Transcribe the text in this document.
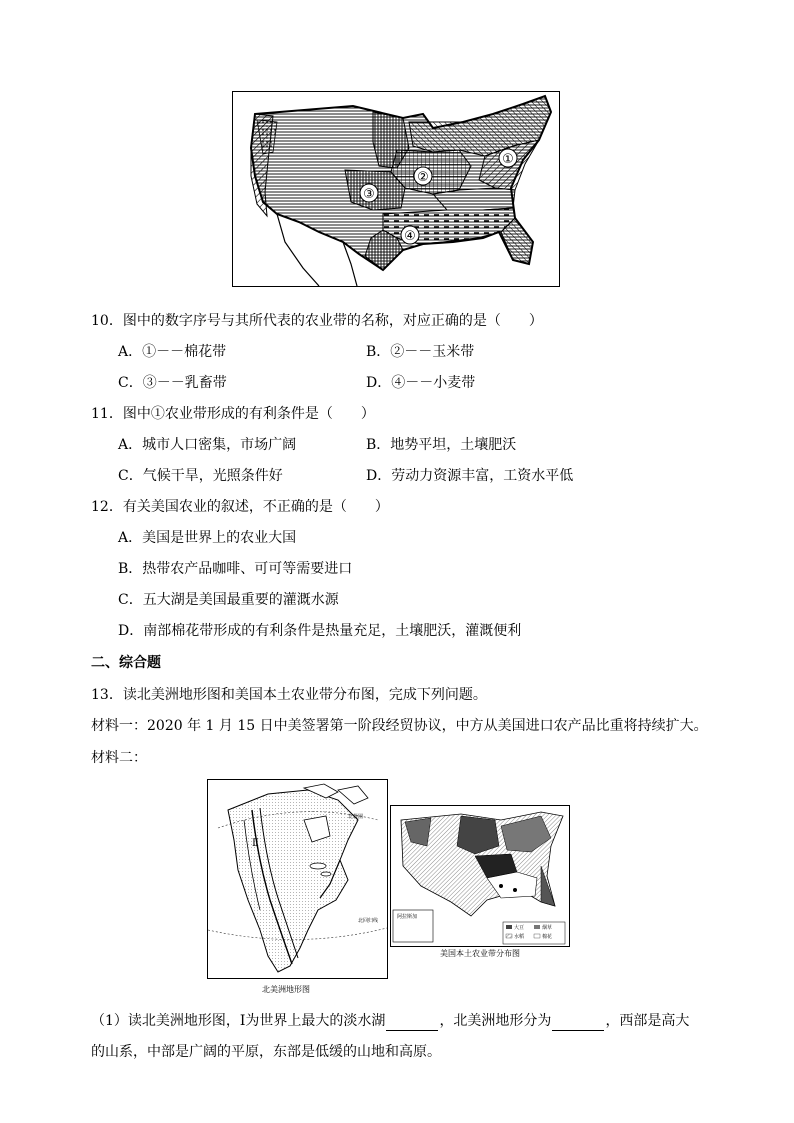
①
②
③
④
10．图中的数字序号与其所代表的农业带的名称，对应正确的是（　　）
A．①－－棉花带	B．②－－玉米带
C．③－－乳畜带	D．④－－小麦带
11．图中①农业带形成的有利条件是（　　）
A．城市人口密集，市场广阔	B．地势平坦，土壤肥沃
C．气候干旱，光照条件好	D．劳动力资源丰富，工资水平低
12．有关美国农业的叙述，不正确的是（　　）
A．美国是世界上的农业大国
B．热带农产品咖啡、可可等需要进口
C．五大湖是美国最重要的灌溉水源
D．南部棉花带形成的有利条件是热量充足，土壤肥沃，灌溉便利
二、综合题
13．读北美洲地形图和美国本土农业带分布图，完成下列问题。
材料一：2020 年 1 月 15 日中美签署第一阶段经贸协议，中方从美国进口农产品比重将持续扩大。
材料二：
Ⅱ
北极圈
北回归线
北美洲地形图
阿拉斯加
大豆	烟草
水稻	棉花
美国本土农业带分布图
（1）读北美洲地形图，Ⅰ为世界上最大的淡水湖	，北美洲地形分为	，西部是高大
的山系，中部是广阔的平原，东部是低缓的山地和高原。
